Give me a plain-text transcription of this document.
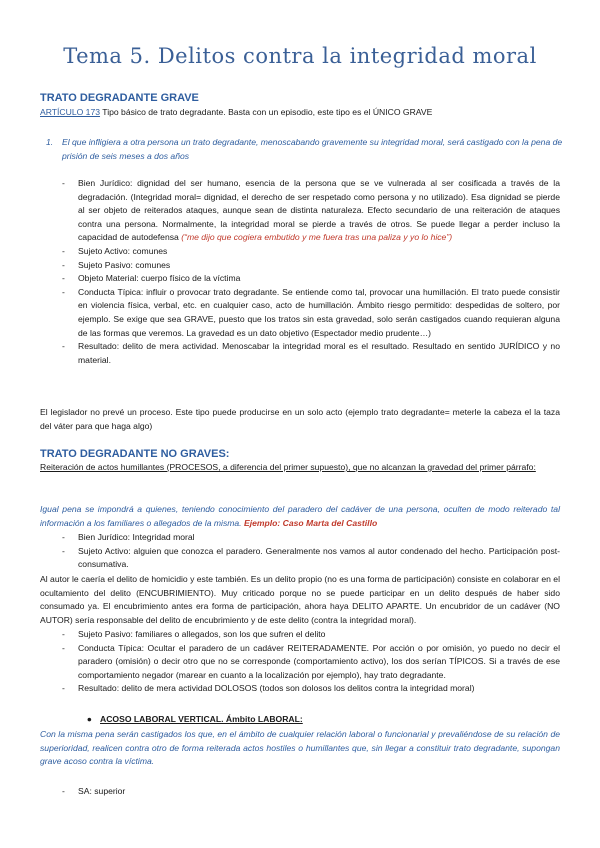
Tema 5. Delitos contra la integridad moral
TRATO DEGRADANTE GRAVE
ARTÍCULO 173 Tipo básico de trato degradante. Basta con un episodio, este tipo es el ÚNICO GRAVE
1.	El que infligiera a otra persona un trato degradante, menoscabando gravemente su integridad moral, será castigado con la pena de prisión de seis meses a dos años
-	Bien Jurídico: dignidad del ser humano, esencia de la persona que se ve vulnerada al ser cosificada a través de la degradación. (Integridad moral= dignidad, el derecho de ser respetado como persona y no utilizado). Esa dignidad se pierde al ser objeto de reiterados ataques, aunque sean de distinta naturaleza. Efecto secundario de una reiteración de ataques contra una persona. Normalmente, la integridad moral se pierde a través de otros. Se puede llegar a perder incluso la capacidad de autodefensa (“me dijo que cogiera embutido y me fuera tras una paliza y yo lo hice”)
-	Sujeto Activo: comunes
-	Sujeto Pasivo: comunes
-	Objeto Material: cuerpo físico de la víctima
-	Conducta Típica: influir o provocar trato degradante. Se entiende como tal, provocar una humillación. El trato puede consistir en violencia física, verbal, etc. en cualquier caso, acto de humillación. Ámbito riesgo permitido: despedidas de soltero, por ejemplo. Se exige que sea GRAVE, puesto que los tratos sin esta gravedad, solo serán castigados cuando requieran alguna de las formas que veremos. La gravedad es un dato objetivo (Espectador medio prudente…)
-	Resultado: delito de mera actividad. Menoscabar la integridad moral es el resultado. Resultado en sentido JURÍDICO y no material.
El legislador no prevé un proceso. Este tipo puede producirse en un solo acto (ejemplo trato degradante= meterle la cabeza el la taza del váter para que haga algo)
TRATO DEGRADANTE NO GRAVES:
Reiteración de actos humillantes (PROCESOS, a diferencia del primer supuesto), que no alcanzan la gravedad del primer párrafo:
Igual pena se impondrá a quienes, teniendo conocimiento del paradero del cadáver de una persona, oculten de modo reiterado tal información a los familiares o allegados de la misma. Ejemplo: Caso Marta del Castillo
-	Bien Jurídico: Integridad moral
-	Sujeto Activo: alguien que conozca el paradero. Generalmente nos vamos al autor condenado del hecho. Participación post-consumativa.
Al autor le caería el delito de homicidio y este también. Es un delito propio (no es una forma de participación) consiste en colaborar en el ocultamiento del delito (ENCUBRIMIENTO). Muy criticado porque no se puede participar en un delito después de haber sido consumado ya. El encubrimiento antes era forma de participación, ahora haya DELITO APARTE. Un encubridor de un cadáver (NO AUTOR) sería responsable del delito de encubrimiento y de este delito (contra la integridad moral).
-	Sujeto Pasivo: familiares o allegados, son los que sufren el delito
-	Conducta Típica: Ocultar el paradero de un cadáver REITERADAMENTE. Por acción o por omisión, yo puedo no decir el paradero (omisión) o decir otro que no se corresponde (comportamiento activo), los dos serían TÍPICOS. Si a través de ese comportamiento negador (marear en cuanto a la localización por ejemplo), hay trato degradante.
-	Resultado: delito de mera actividad DOLOSOS (todos son dolosos los delitos contra la integridad moral)
● ACOSO LABORAL VERTICAL. Ámbito LABORAL:
Con la misma pena serán castigados los que, en el ámbito de cualquier relación laboral o funcionarial y prevaliéndose de su relación de superioridad, realicen contra otro de forma reiterada actos hostiles o humillantes que, sin llegar a constituir trato degradante, supongan grave acoso contra la víctima.
-	SA: superior
